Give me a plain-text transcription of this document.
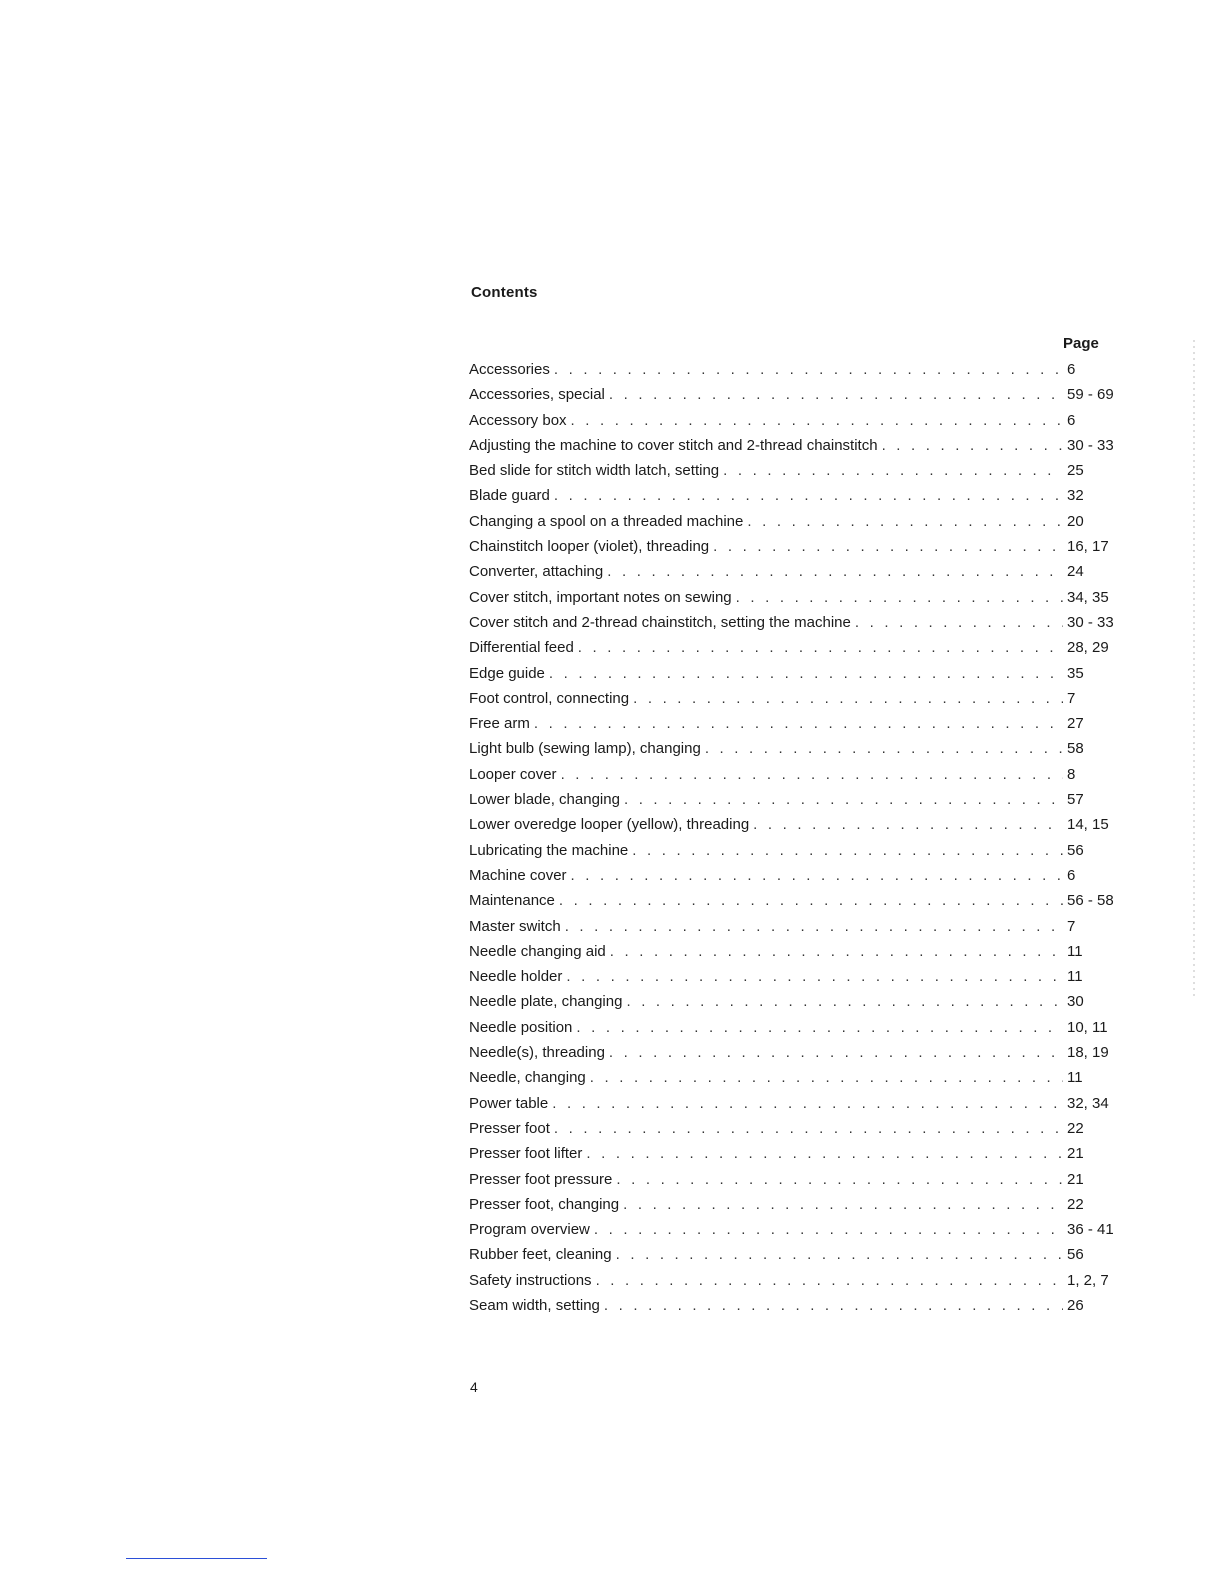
Contents
Page
Accessories . . .	6
Accessories, special . . .	59 - 69
Accessory box . . .	6
Adjusting the machine to cover stitch and 2-thread chainstitch . . .	30 - 33
Bed slide for stitch width latch, setting . . .	25
Blade guard . . .	32
Changing a spool on a threaded machine . . .	20
Chainstitch looper (violet), threading . . .	16, 17
Converter, attaching . . .	24
Cover stitch, important notes on sewing . . .	34, 35
Cover stitch and 2-thread chainstitch, setting the machine . . .	30 - 33
Differential feed . . .	28, 29
Edge guide . . .	35
Foot control, connecting . . .	7
Free arm . . .	27
Light bulb (sewing lamp), changing . . .	58
Looper cover . . .	8
Lower blade, changing . . .	57
Lower overedge looper (yellow), threading . . .	14, 15
Lubricating the machine . . .	56
Machine cover . . .	6
Maintenance . . .	56 - 58
Master switch . . .	7
Needle changing aid . . .	11
Needle holder . . .	11
Needle plate, changing . . .	30
Needle position . . .	10, 11
Needle(s), threading . . .	18, 19
Needle, changing . . .	11
Power table . . .	32, 34
Presser foot . . .	22
Presser foot lifter . . .	21
Presser foot pressure . . .	21
Presser foot, changing . . .	22
Program overview . . .	36 - 41
Rubber feet, cleaning . . .	56
Safety instructions . . .	1, 2, 7
Seam width, setting . . .	26
4
